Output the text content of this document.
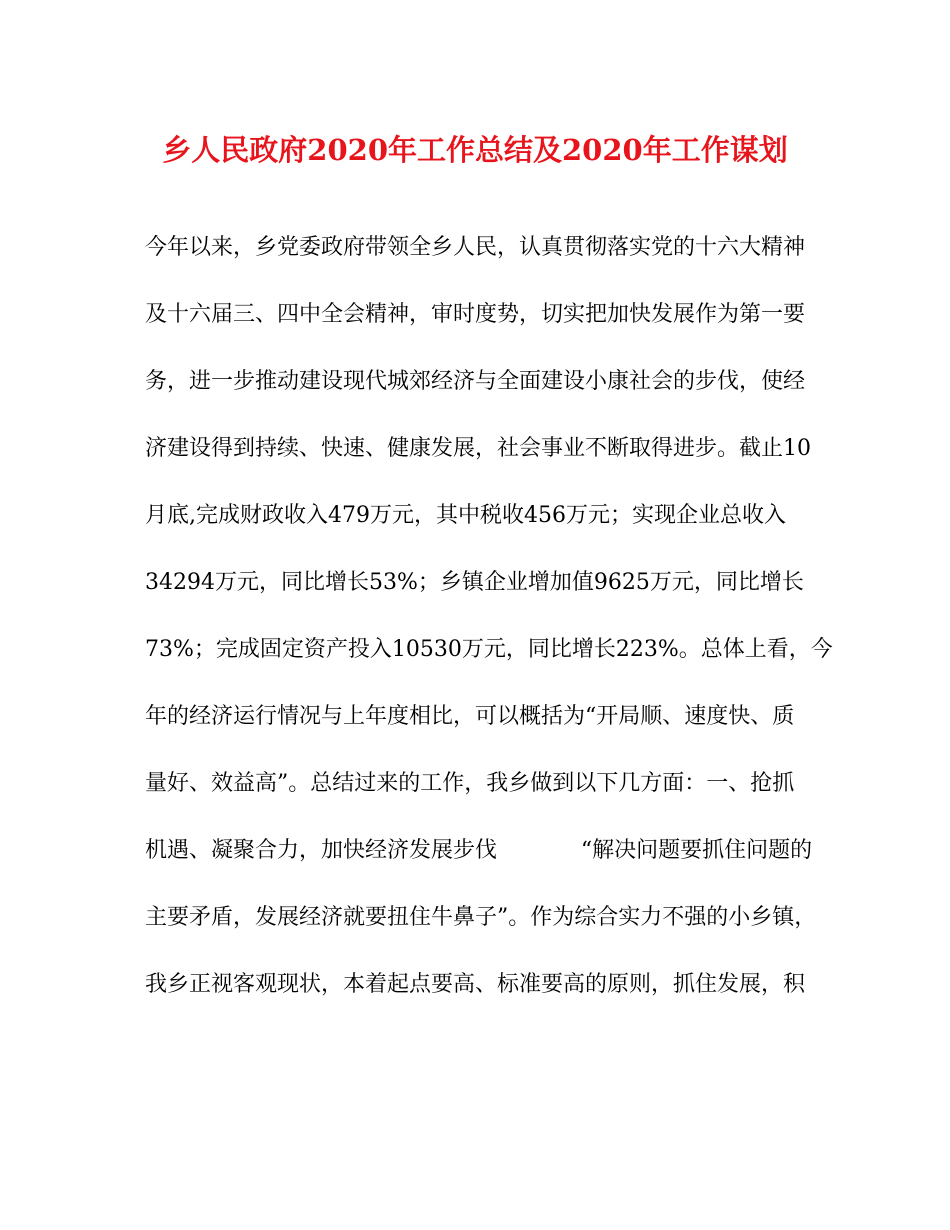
乡人民政府2020年工作总结及2020年工作谋划
今年以来，乡党委政府带领全乡人民，认真贯彻落实党的十六大精神
及十六届三、四中全会精神，审时度势，切实把加快发展作为第一要
务，进一步推动建设现代城郊经济与全面建设小康社会的步伐，使经
济建设得到持续、快速、健康发展，社会事业不断取得进步。截止10
月底,完成财政收入479万元，其中税收456万元；实现企业总收入
34294万元，同比增长53%；乡镇企业增加值9625万元，同比增长
73%；完成固定资产投入10530万元，同比增长223%。总体上看，今
年的经济运行情况与上年度相比，可以概括为“开局顺、速度快、质
量好、效益高”。总结过来的工作，我乡做到以下几方面：一、抢抓
机遇、凝聚合力，加快经济发展步伐            “解决问题要抓住问题的
主要矛盾，发展经济就要扭住牛鼻子”。作为综合实力不强的小乡镇，
我乡正视客观现状，本着起点要高、标准要高的原则，抓住发展，积
